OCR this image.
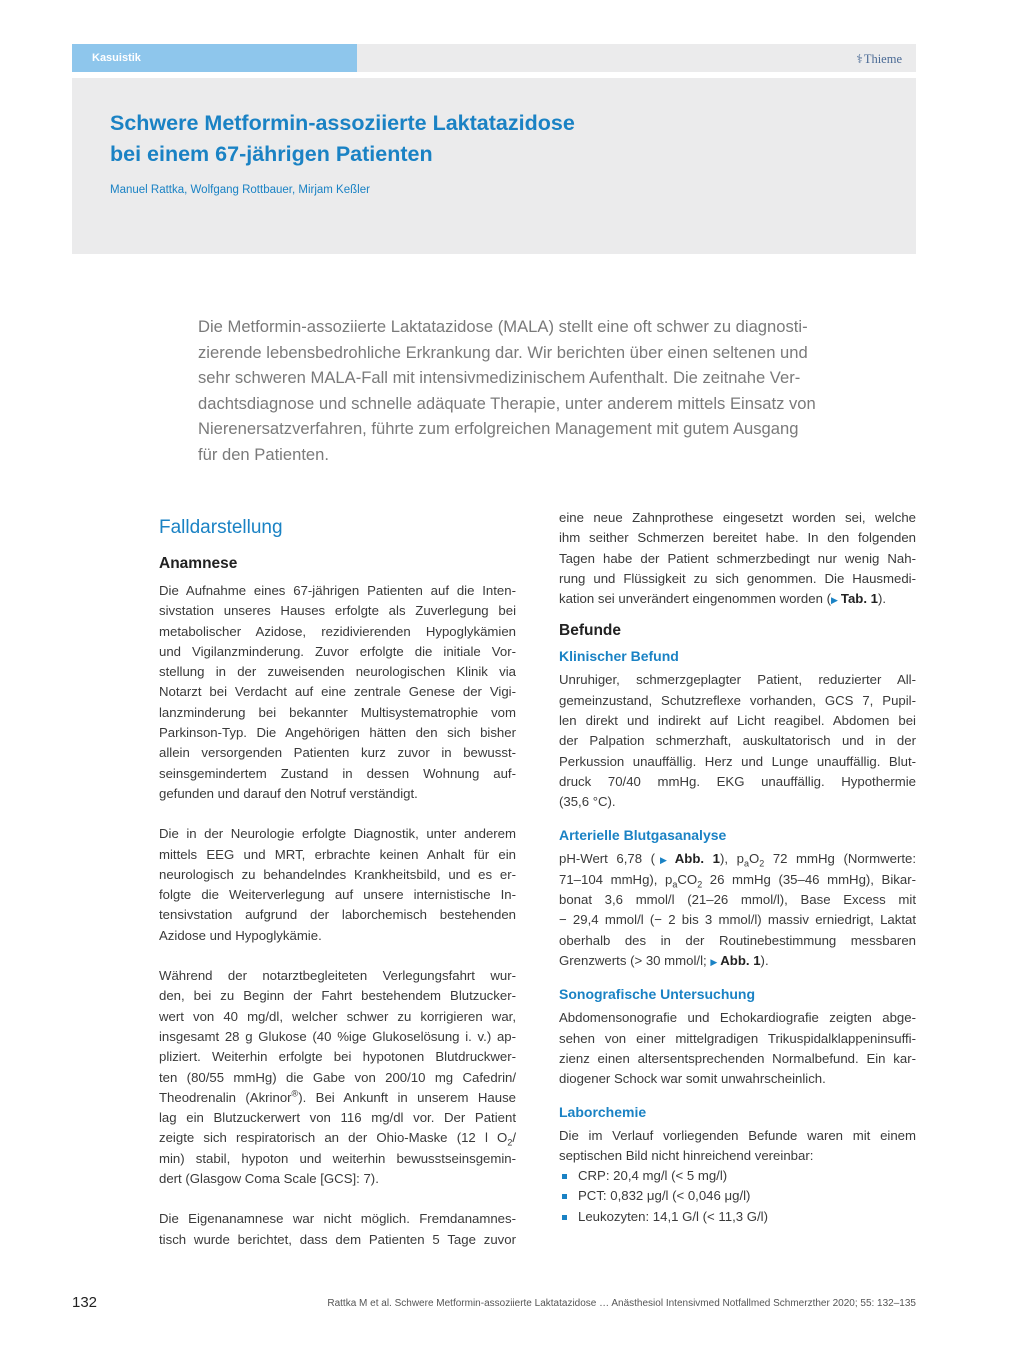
Kasuistik	⚕Thieme
Schwere Metformin-assoziierte Laktatazidose
bei einem 67-jährigen Patienten
Manuel Rattka, Wolfgang Rottbauer, Mirjam Keßler

Die Metformin-assoziierte Laktatazidose (MALA) stellt eine oft schwer zu diagnosti-
zierende lebensbedrohliche Erkrankung dar. Wir berichten über einen seltenen und
sehr schweren MALA-Fall mit intensivmedizinischem Aufenthalt. Die zeitnahe Ver-
dachtsdiagnose und schnelle adäquate Therapie, unter anderem mittels Einsatz von
Nierenersatzverfahren, führte zum erfolgreichen Management mit gutem Ausgang
für den Patienten.

Falldarstellung
Anamnese
Die Aufnahme eines 67-jährigen Patienten auf die Inten-
sivstation unseres Hauses erfolgte als Zuverlegung bei
metabolischer Azidose, rezidivierenden Hypoglykämien
und Vigilanzminderung. Zuvor erfolgte die initiale Vor-
stellung in der zuweisenden neurologischen Klinik via
Notarzt bei Verdacht auf eine zentrale Genese der Vigi-
lanzminderung bei bekannter Multisystematrophie vom
Parkinson-Typ. Die Angehörigen hätten den sich bisher
allein versorgenden Patienten kurz zuvor in bewusst-
seinsgemindertem Zustand in dessen Wohnung auf-
gefunden und darauf den Notruf verständigt.
Die in der Neurologie erfolgte Diagnostik, unter anderem
mittels EEG und MRT, erbrachte keinen Anhalt für ein
neurologisch zu behandelndes Krankheitsbild, und es er-
folgte die Weiterverlegung auf unsere internistische In-
tensivstation aufgrund der laborchemisch bestehenden
Azidose und Hypoglykämie.
Während der notarztbegleiteten Verlegungsfahrt wur-
den, bei zu Beginn der Fahrt bestehendem Blutzucker-
wert von 40 mg/dl, welcher schwer zu korrigieren war,
insgesamt 28 g Glukose (40 %ige Glukoselösung i. v.) ap-
pliziert. Weiterhin erfolgte bei hypotonen Blutdruckwer-
ten (80/55 mmHg) die Gabe von 200/10 mg Cafedrin/
Theodrenalin (Akrinor®). Bei Ankunft in unserem Hause
lag ein Blutzuckerwert von 116 mg/dl vor. Der Patient
zeigte sich respiratorisch an der Ohio-Maske (12 l $O_2/$
min) stabil, hypoton und weiterhin bewusstseinsgemin-
dert (Glasgow Coma Scale [GCS]: 7).
Die Eigenanamnese war nicht möglich. Fremdanamnes-
tisch wurde berichtet, dass dem Patienten 5 Tage zuvor
eine neue Zahnprothese eingesetzt worden sei, welche
ihm seither Schmerzen bereitet habe. In den folgenden
Tagen habe der Patient schmerzbedingt nur wenig Nah-
rung und Flüssigkeit zu sich genommen. Die Hausmedi-
kation sei unverändert eingenommen worden (▶ Tab. 1).
Befunde
Klinischer Befund
Unruhiger, schmerzgeplagter Patient, reduzierter All-
gemeinzustand, Schutzreflexe vorhanden, GCS 7, Pupil-
len direkt und indirekt auf Licht reagibel. Abdomen bei
der Palpation schmerzhaft, auskultatorisch und in der
Perkussion unauffällig. Herz und Lunge unauffällig. Blut-
druck 70/40 mmHg. EKG unauffällig. Hypothermie
(35,6 °C).
Arterielle Blutgasanalyse
pH-Wert 6,78 (▶ Abb. 1), $p_aO_2$ 72 mmHg (Normwerte:
71–104 mmHg), $p_aCO_2$ 26 mmHg (35–46 mmHg), Bikar-
bonat 3,6 mmol/l (21–26 mmol/l), Base Excess mit
− 29,4 mmol/l (− 2 bis 3 mmol/l) massiv erniedrigt, Laktat
oberhalb des in der Routinebestimmung messbaren
Grenzwerts (> 30 mmol/l; ▶ Abb. 1).
Sonografische Untersuchung
Abdomensonografie und Echokardiografie zeigten abge-
sehen von einer mittelgradigen Trikuspidalklappeninsuffi-
zienz einen altersentsprechenden Normalbefund. Ein kar-
diogener Schock war somit unwahrscheinlich.
Laborchemie
Die im Verlauf vorliegenden Befunde waren mit einem
septischen Bild nicht hinreichend vereinbar:
CRP: 20,4 mg/l (< 5 mg/l)
PCT: 0,832 μg/l (< 0,046 μg/l)
Leukozyten: 14,1 G/l (< 11,3 G/l)
132	Rattka M et al. Schwere Metformin-assoziierte Laktatazidose … Anästhesiol Intensivmed Notfallmed Schmerzther 2020; 55: 132–135
